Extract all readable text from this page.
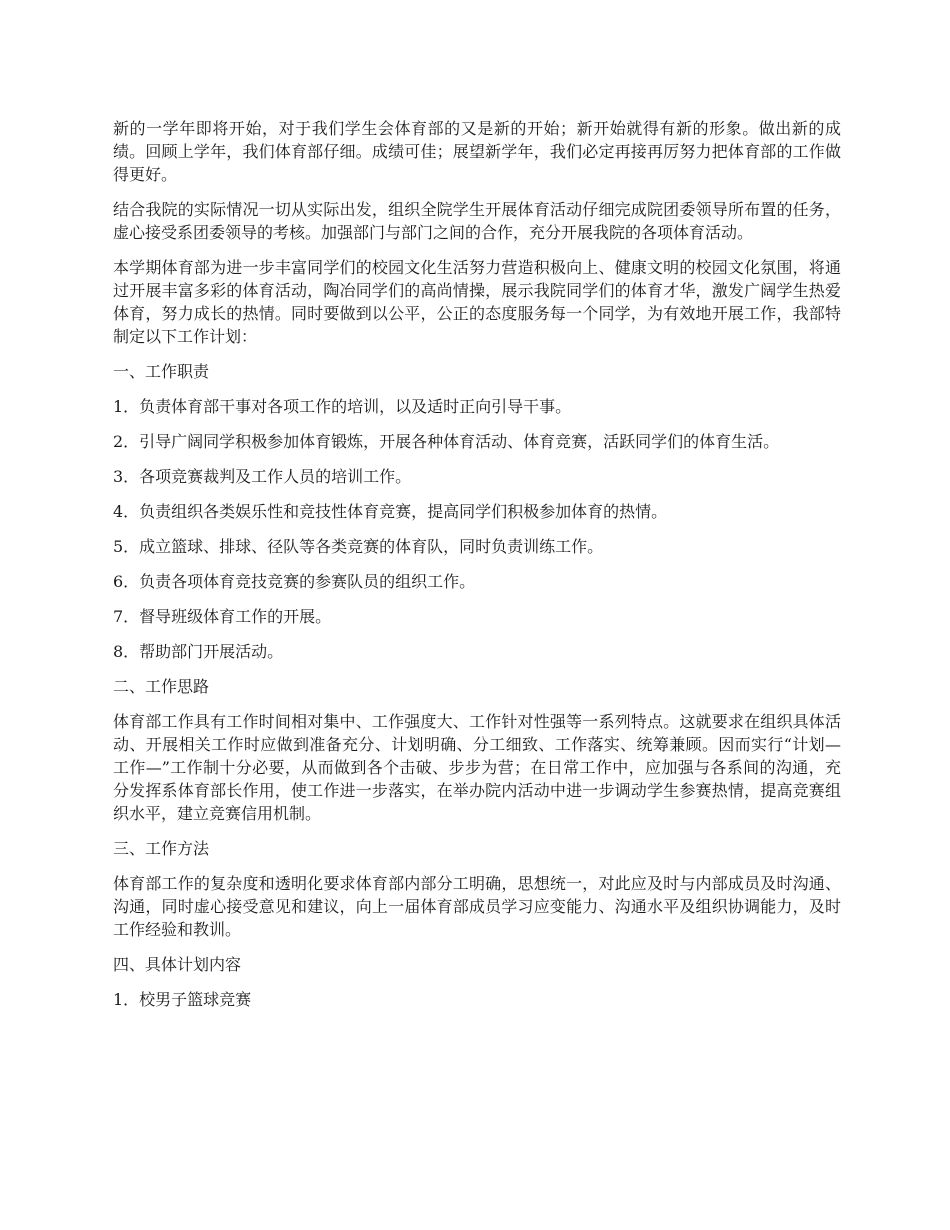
新的一学年即将开始，对于我们学生会体育部的又是新的开始；新开始就得有新的形象。做出新的成绩。回顾上学年，我们体育部仔细。成绩可佳；展望新学年，我们必定再接再厉努力把体育部的工作做得更好。

结合我院的实际情况一切从实际出发，组织全院学生开展体育活动仔细完成院团委领导所布置的任务，虚心接受系团委领导的考核。加强部门与部门之间的合作，充分开展我院的各项体育活动。

本学期体育部为进一步丰富同学们的校园文化生活努力营造积极向上、健康文明的校园文化氛围，将通过开展丰富多彩的体育活动，陶冶同学们的高尚情操，展示我院同学们的体育才华，激发广阔学生热爱体育，努力成长的热情。同时要做到以公平，公正的态度服务每一个同学，为有效地开展工作，我部特制定以下工作计划：

一、工作职责

1．负责体育部干事对各项工作的培训，以及适时正向引导干事。

2．引导广阔同学积极参加体育锻炼，开展各种体育活动、体育竞赛，活跃同学们的体育生活。

3．各项竞赛裁判及工作人员的培训工作。

4．负责组织各类娱乐性和竞技性体育竞赛，提高同学们积极参加体育的热情。

5．成立篮球、排球、径队等各类竞赛的体育队，同时负责训练工作。

6．负责各项体育竞技竞赛的参赛队员的组织工作。

7．督导班级体育工作的开展。

8．帮助部门开展活动。

二、工作思路

体育部工作具有工作时间相对集中、工作强度大、工作针对性强等一系列特点。这就要求在组织具体活动、开展相关工作时应做到准备充分、计划明确、分工细致、工作落实、统筹兼顾。因而实行“计划—工作—”工作制十分必要，从而做到各个击破、步步为营；在日常工作中，应加强与各系间的沟通，充分发挥系体育部长作用，使工作进一步落实，在举办院内活动中进一步调动学生参赛热情，提高竞赛组织水平，建立竞赛信用机制。

三、工作方法

体育部工作的复杂度和透明化要求体育部内部分工明确，思想统一，对此应及时与内部成员及时沟通、沟通，同时虚心接受意见和建议，向上一届体育部成员学习应变能力、沟通水平及组织协调能力，及时工作经验和教训。

四、具体计划内容

1．校男子篮球竞赛
